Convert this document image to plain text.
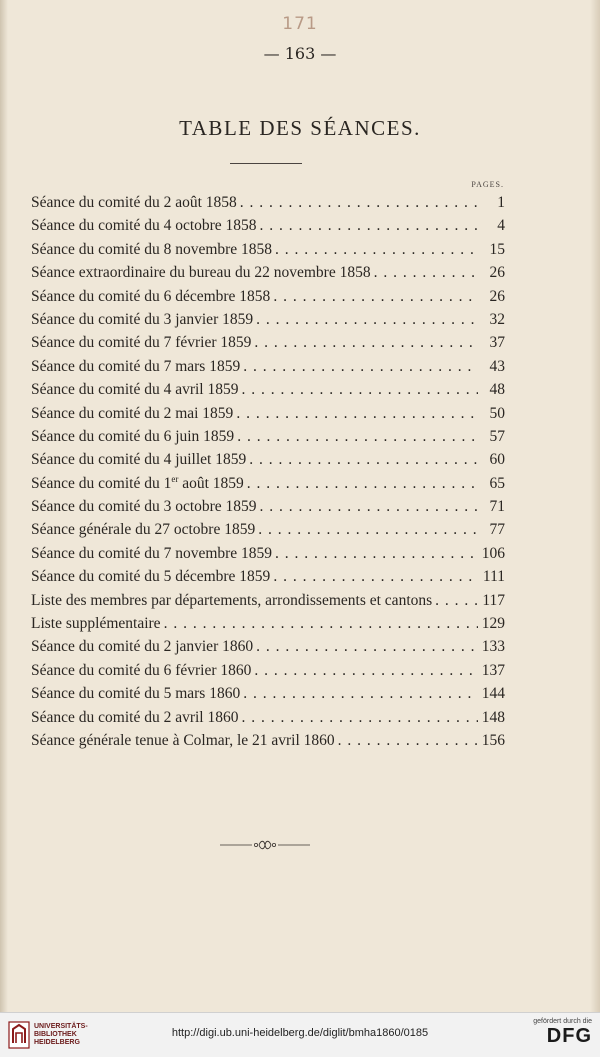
171
— 163 —
TABLE DES SÉANCES.
PAGES.
Séance du comité du 2 août 1858 . . .	1
Séance du comité du 4 octobre 1858 . . .	4
Séance du comité du 8 novembre 1858 . . .	15
Séance extraordinaire du bureau du 22 novembre 1858 . . .	26
Séance du comité du 6 décembre 1858 . . .	26
Séance du comité du 3 janvier 1859 . . .	32
Séance du comité du 7 février 1859 . . .	37
Séance du comité du 7 mars 1859 . . .	43
Séance du comité du 4 avril 1859 . . .	48
Séance du comité du 2 mai 1859 . . .	50
Séance du comité du 6 juin 1859 . . .	57
Séance du comité du 4 juillet 1859 . . .	60
Séance du comité du 1er août 1859 . . .	65
Séance du comité du 3 octobre 1859 . . .	71
Séance générale du 27 octobre 1859 . . .	77
Séance du comité du 7 novembre 1859 . . .	106
Séance du comité du 5 décembre 1859 . . .	111
Liste des membres par départements, arrondissements et cantons . . .	117
Liste supplémentaire . . .	129
Séance du comité du 2 janvier 1860 . . .	133
Séance du comité du 6 février 1860 . . .	137
Séance du comité du 5 mars 1860 . . .	144
Séance du comité du 2 avril 1860 . . .	148
Séance générale tenue à Colmar, le 21 avril 1860 . . .	156
UNIVERSITÄTS-
BIBLIOTHEK
HEIDELBERG
http://digi.ub.uni-heidelberg.de/diglit/bmha1860/0185
gefördert durch die
DFG
